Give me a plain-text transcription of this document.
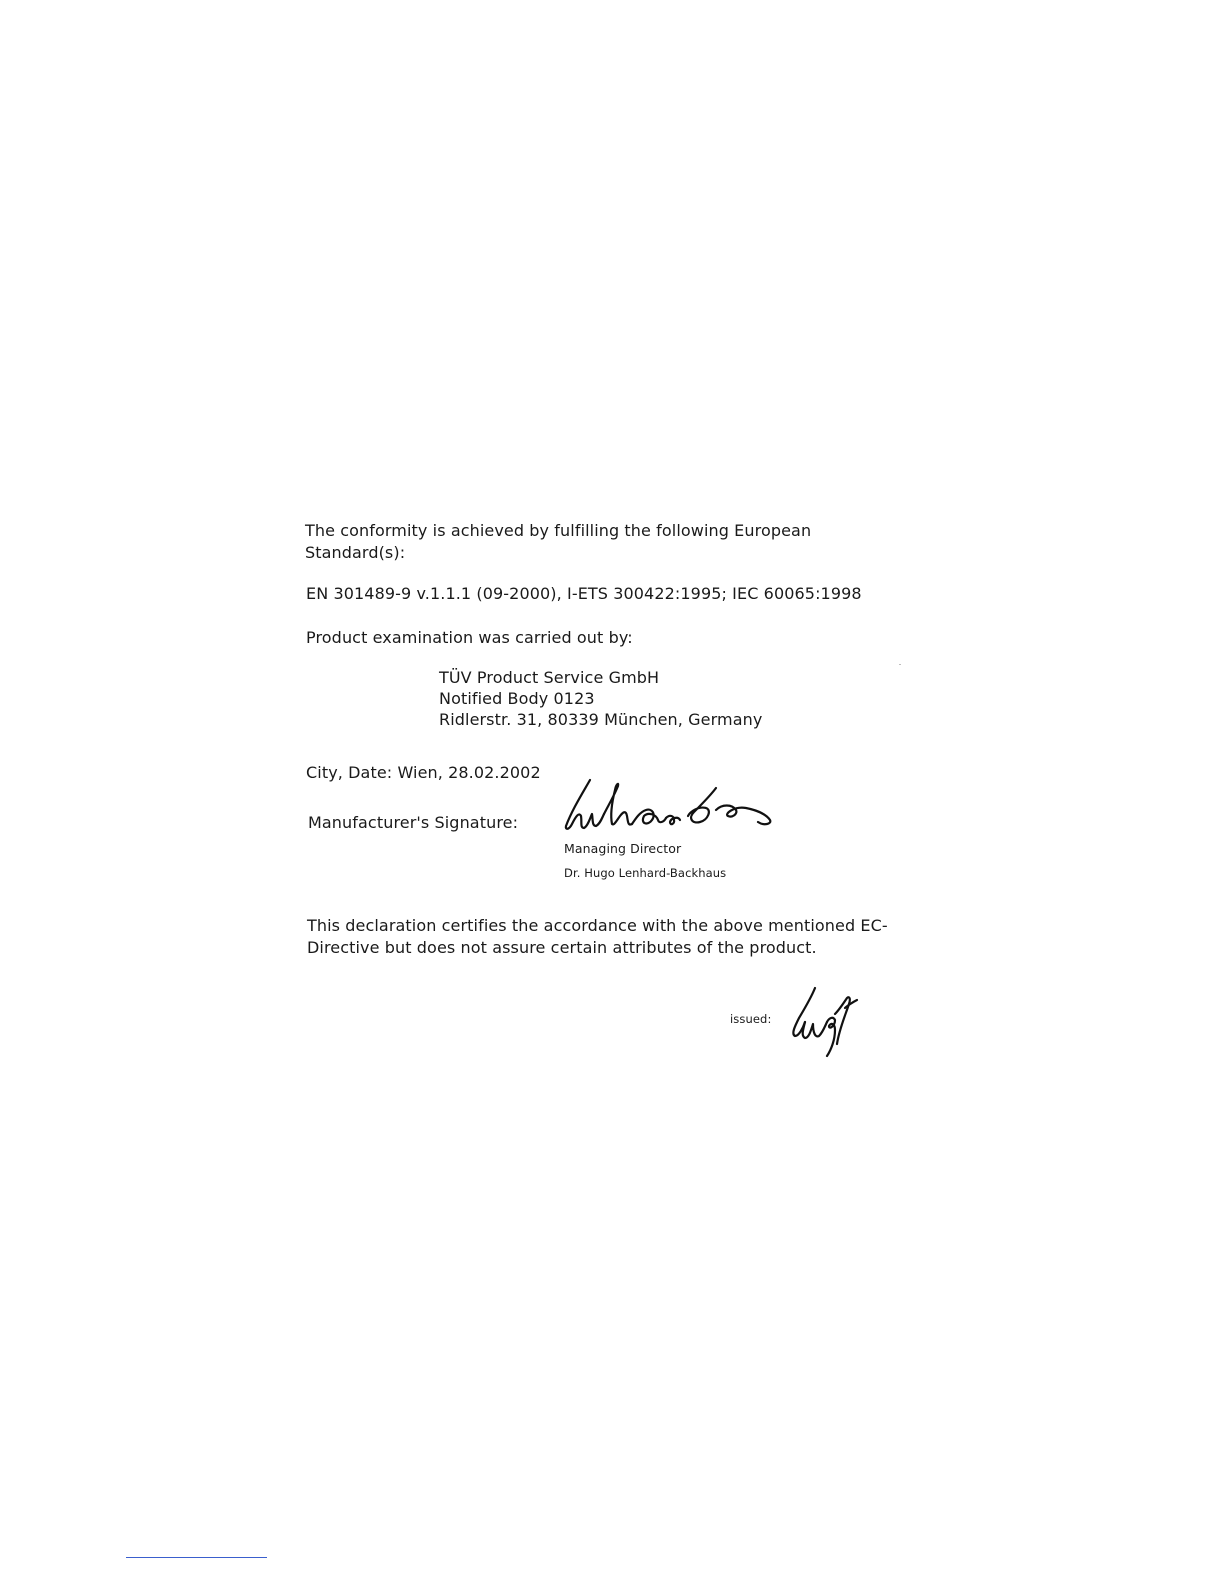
The conformity is achieved by fulfilling the following European
Standard(s):
EN 301489-9 v.1.1.1 (09-2000), I-ETS 300422:1995; IEC 60065:1998
Product examination was carried out by:
TÜV Product Service GmbH
Notified Body 0123
Ridlerstr. 31, 80339 München, Germany
City, Date: Wien, 28.02.2002
Manufacturer's Signature:
Managing Director
Dr. Hugo Lenhard-Backhaus
This declaration certifies the accordance with the above mentioned EC-
Directive but does not assure certain attributes of the product.
issued:
